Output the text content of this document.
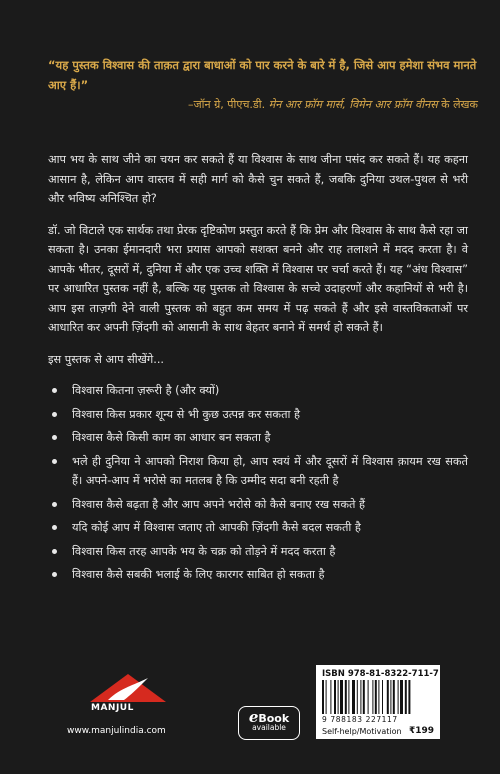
“यह पुस्तक विश्वास की ताक़त द्वारा बाधाओं को पार करने के बारे में है, जिसे आप हमेशा संभव मानते आए हैं।”
–जॉन ग्रे, पीएच.डी. मेन आर फ्रॉम मार्स, विमेन आर फ्रॉम वीनस के लेखक

आप भय के साथ जीने का चयन कर सकते हैं या विश्वास के साथ जीना पसंद कर सकते हैं। यह कहना आसान है, लेकिन आप वास्तव में सही मार्ग को कैसे चुन सकते हैं, जबकि दुनिया उथल-पुथल से भरी और भविष्य अनिश्चित हो?

डॉ. जो विटाले एक सार्थक तथा प्रेरक दृष्टिकोण प्रस्तुत करते हैं कि प्रेम और विश्वास के साथ कैसे रहा जा सकता है। उनका ईमानदारी भरा प्रयास आपको सशक्त बनने और राह तलाशने में मदद करता है। वे आपके भीतर, दूसरों में, दुनिया में और एक उच्च शक्ति में विश्वास पर चर्चा करते हैं। यह “अंध विश्वास” पर आधारित पुस्तक नहीं है, बल्कि यह पुस्तक तो विश्वास के सच्चे उदाहरणों और कहानियों से भरी है। आप इस ताज़गी देने वाली पुस्तक को बहुत कम समय में पढ़ सकते हैं और इसे वास्तविकताओं पर आधारित कर अपनी ज़िंदगी को आसानी के साथ बेहतर बनाने में समर्थ हो सकते हैं।

इस पुस्तक से आप सीखेंगे...

विश्वास कितना ज़रूरी है (और क्यों)
विश्वास किस प्रकार शून्य से भी कुछ उत्पन्न कर सकता है
विश्वास कैसे किसी काम का आधार बन सकता है
भले ही दुनिया ने आपको निराश किया हो, आप स्वयं में और दूसरों में विश्वास क़ायम रख सकते हैं। अपने-आप में भरोसे का मतलब है कि उम्मीद सदा बनी रहती है
विश्वास कैसे बढ़ता है और आप अपने भरोसे को कैसे बनाए रख सकते हैं
यदि कोई आप में विश्वास जताए तो आपकी ज़िंदगी कैसे बदल सकती है
विश्वास किस तरह आपके भय के चक्र को तोड़ने में मदद करता है
विश्वास कैसे सबकी भलाई के लिए कारगर साबित हो सकता है
MANJUL
www.manjulindia.com
eBook
available
ISBN 978-81-8322-711-7
9 788183 227117
Self-help/Motivation ₹199
